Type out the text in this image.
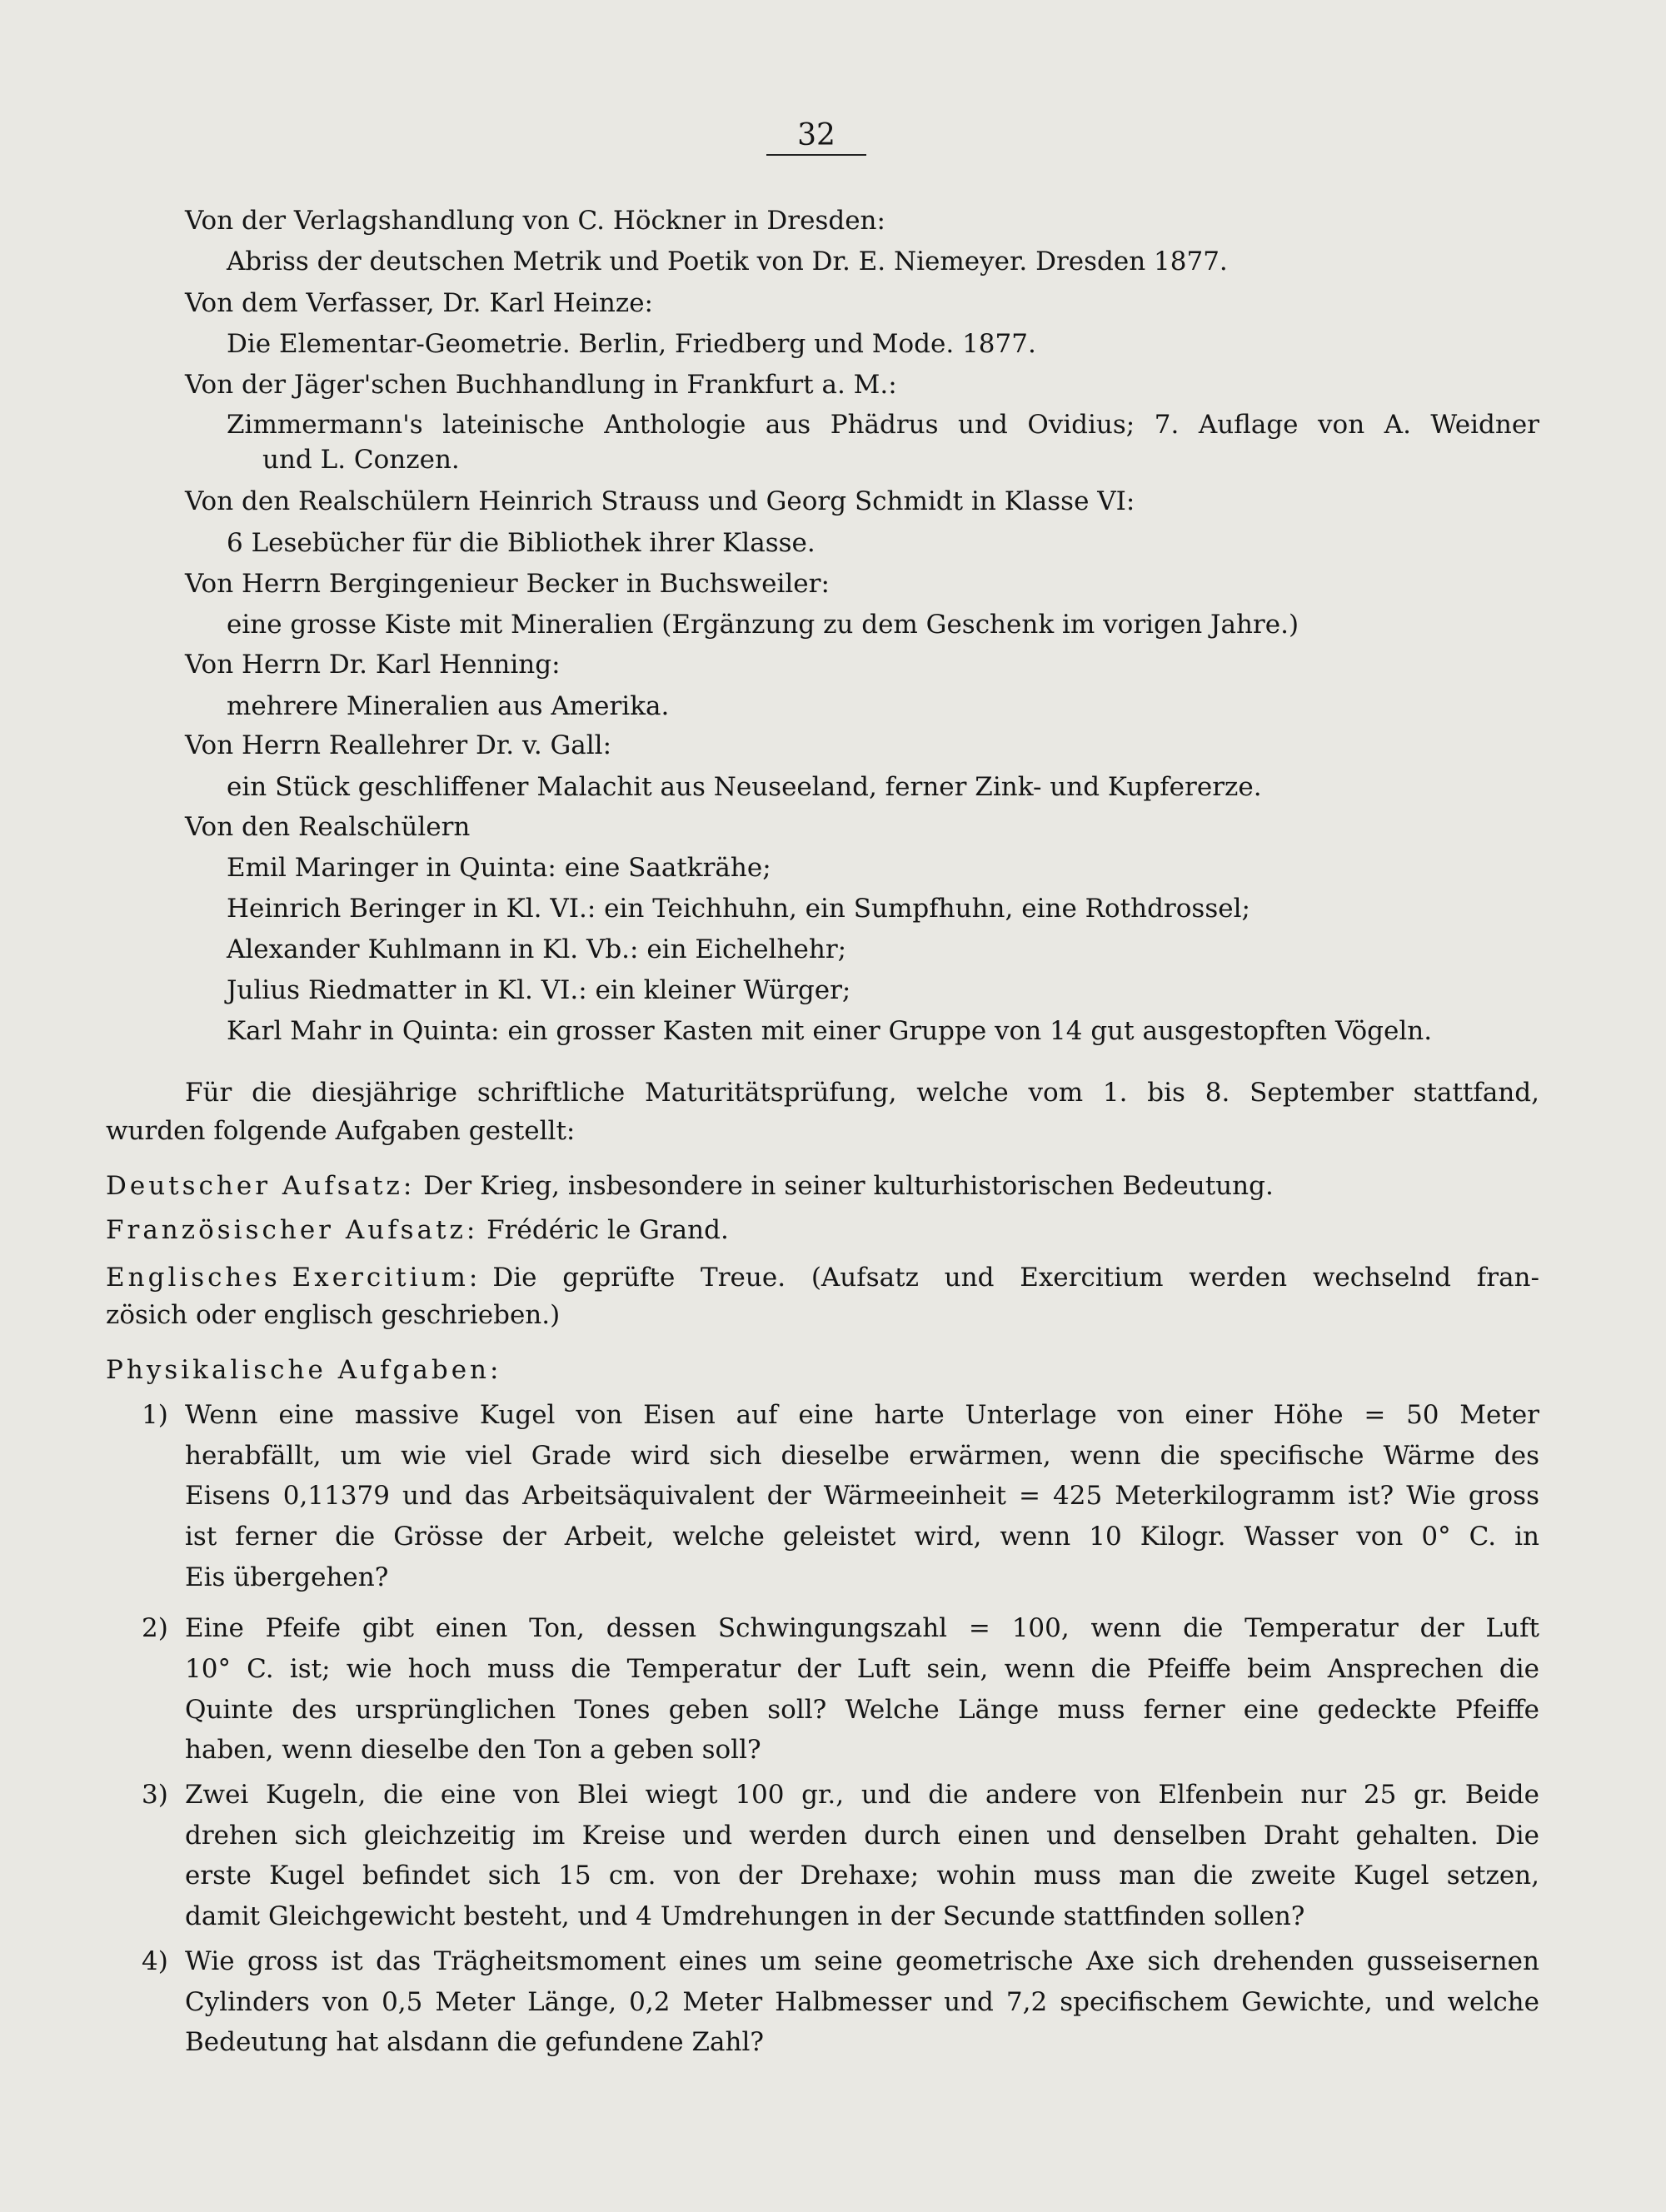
32
Von der Verlagshandlung von C. Höckner in Dresden:
Abriss der deutschen Metrik und Poetik von Dr. E. Niemeyer. Dresden 1877.
Von dem Verfasser, Dr. Karl Heinze:
Die Elementar-Geometrie. Berlin, Friedberg und Mode. 1877.
Von der Jäger'schen Buchhandlung in Frankfurt a. M.:
Zimmermann's lateinische Anthologie aus Phädrus und Ovidius; 7. Auflage von A. Weidner
und L. Conzen.
Von den Realschülern Heinrich Strauss und Georg Schmidt in Klasse VI:
6 Lesebücher für die Bibliothek ihrer Klasse.
Von Herrn Bergingenieur Becker in Buchsweiler:
eine grosse Kiste mit Mineralien (Ergänzung zu dem Geschenk im vorigen Jahre.)
Von Herrn Dr. Karl Henning:
mehrere Mineralien aus Amerika.
Von Herrn Reallehrer Dr. v. Gall:
ein Stück geschliffener Malachit aus Neuseeland, ferner Zink- und Kupfererze.
Von den Realschülern
Emil Maringer in Quinta: eine Saatkrähe;
Heinrich Beringer in Kl. VI.: ein Teichhuhn, ein Sumpfhuhn, eine Rothdrossel;
Alexander Kuhlmann in Kl. Vb.: ein Eichelhehr;
Julius Riedmatter in Kl. VI.: ein kleiner Würger;
Karl Mahr in Quinta: ein grosser Kasten mit einer Gruppe von 14 gut ausgestopften Vögeln.
Für die diesjährige schriftliche Maturitätsprüfung, welche vom 1. bis 8. September stattfand,
wurden folgende Aufgaben gestellt:
Deutscher Aufsatz: Der Krieg, insbesondere in seiner kulturhistorischen Bedeutung.
Französischer Aufsatz: Frédéric le Grand.
Englisches Exercitium: Die geprüfte Treue. (Aufsatz und Exercitium werden wechselnd fran-
zösich oder englisch geschrieben.)
Physikalische Aufgaben:
1) Wenn eine massive Kugel von Eisen auf eine harte Unterlage von einer Höhe = 50 Meter
herabfällt, um wie viel Grade wird sich dieselbe erwärmen, wenn die specifische Wärme des
Eisens 0,11379 und das Arbeitsäquivalent der Wärmeeinheit = 425 Meterkilogramm ist? Wie gross
ist ferner die Grösse der Arbeit, welche geleistet wird, wenn 10 Kilogr. Wasser von 0° C. in
Eis übergehen?
2) Eine Pfeife gibt einen Ton, dessen Schwingungszahl = 100, wenn die Temperatur der Luft
10° C. ist; wie hoch muss die Temperatur der Luft sein, wenn die Pfeiffe beim Ansprechen die
Quinte des ursprünglichen Tones geben soll? Welche Länge muss ferner eine gedeckte Pfeiffe
haben, wenn dieselbe den Ton a geben soll?
3) Zwei Kugeln, die eine von Blei wiegt 100 gr., und die andere von Elfenbein nur 25 gr. Beide
drehen sich gleichzeitig im Kreise und werden durch einen und denselben Draht gehalten. Die
erste Kugel befindet sich 15 cm. von der Drehaxe; wohin muss man die zweite Kugel setzen,
damit Gleichgewicht besteht, und 4 Umdrehungen in der Secunde stattfinden sollen?
4) Wie gross ist das Trägheitsmoment eines um seine geometrische Axe sich drehenden gusseisernen
Cylinders von 0,5 Meter Länge, 0,2 Meter Halbmesser und 7,2 specifischem Gewichte, und welche
Bedeutung hat alsdann die gefundene Zahl?
